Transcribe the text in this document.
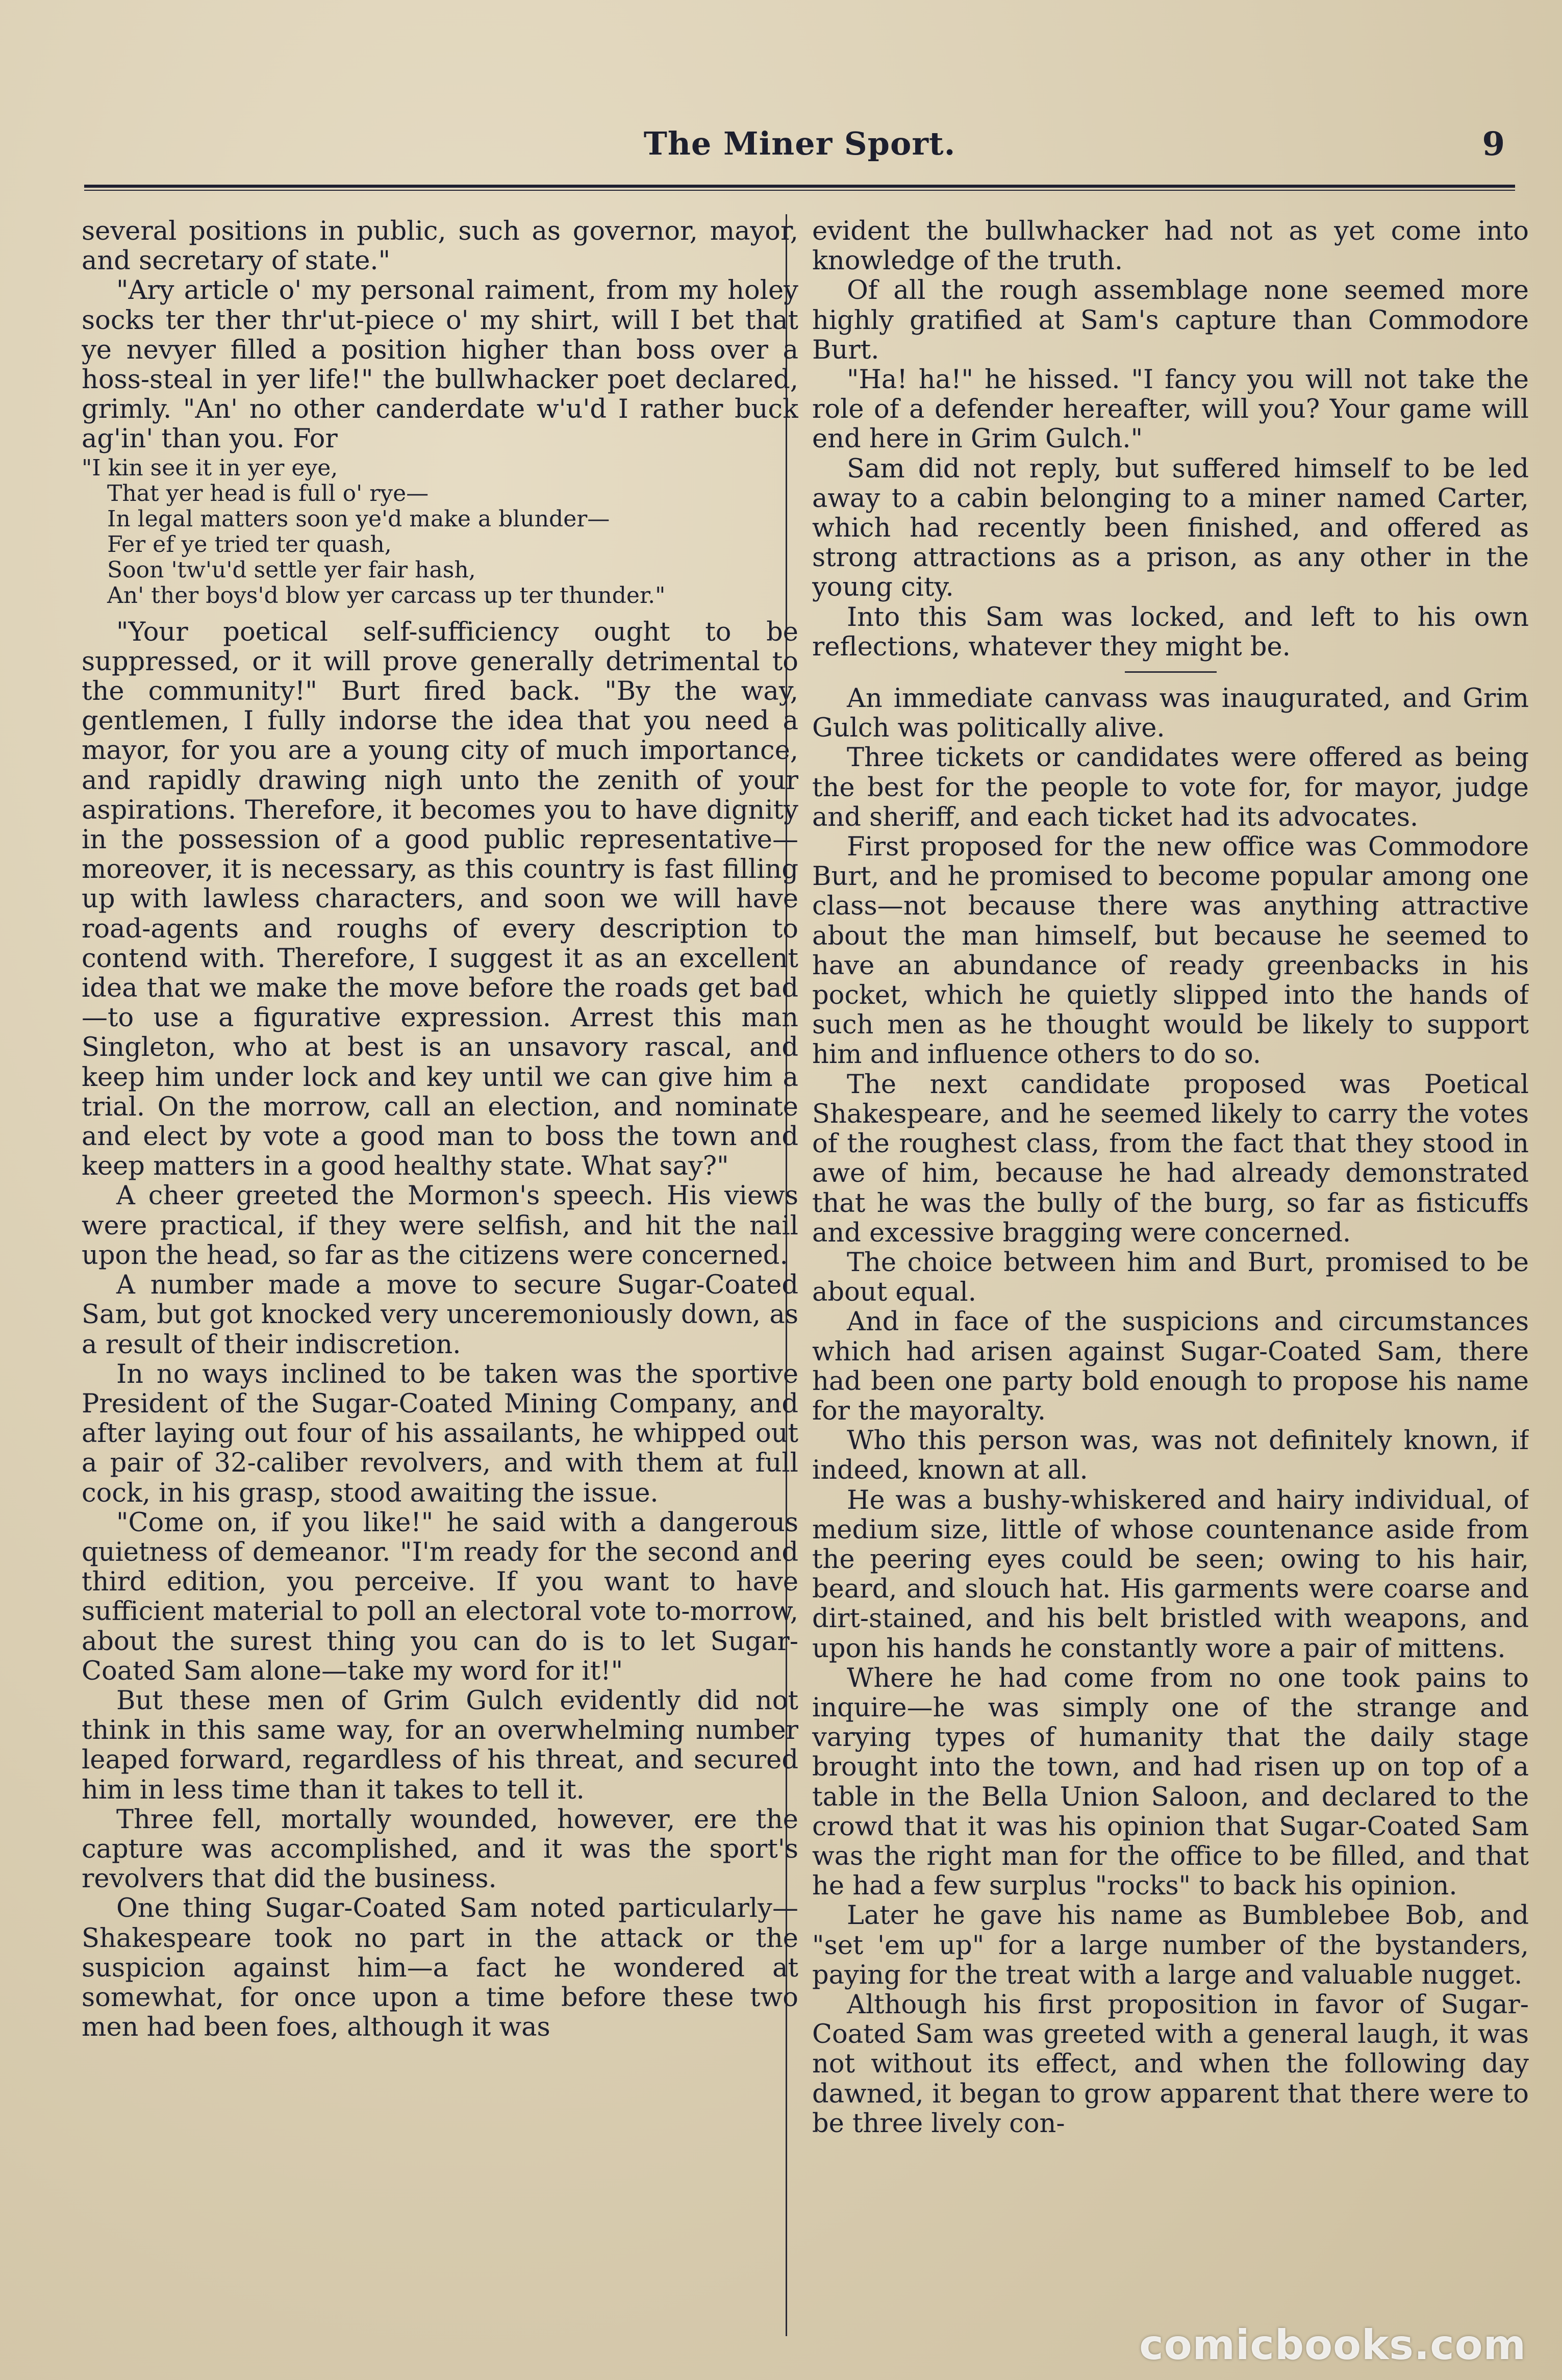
The Miner Sport.	9

several positions in public, such as governor, mayor, and secretary of state."

"Ary article o' my personal raiment, from my holey socks ter ther thr'ut-piece o' my shirt, will I bet that ye nevyer filled a position higher than boss over a hoss-steal in yer life!" the bullwhacker poet declared, grimly. "An' no other canderdate w'u'd I rather buck ag'in' than you. For

"I kin see it in yer eye,
That yer head is full o' rye—
In legal matters soon ye'd make a blunder—
Fer ef ye tried ter quash,
Soon 'tw'u'd settle yer fair hash,
An' ther boys'd blow yer carcass up ter thunder."

"Your poetical self-sufficiency ought to be suppressed, or it will prove generally detrimental to the community!" Burt fired back. "By the way, gentlemen, I fully indorse the idea that you need a mayor, for you are a young city of much importance, and rapidly drawing nigh unto the zenith of your aspirations. Therefore, it becomes you to have dignity in the possession of a good public representative—moreover, it is necessary, as this country is fast filling up with lawless characters, and soon we will have road-agents and roughs of every description to contend with. Therefore, I suggest it as an excellent idea that we make the move before the roads get bad—to use a figurative expression. Arrest this man Singleton, who at best is an unsavory rascal, and keep him under lock and key until we can give him a trial. On the morrow, call an election, and nominate and elect by vote a good man to boss the town and keep matters in a good healthy state. What say?"

A cheer greeted the Mormon's speech. His views were practical, if they were selfish, and hit the nail upon the head, so far as the citizens were concerned.

A number made a move to secure Sugar-Coated Sam, but got knocked very unceremoniously down, as a result of their indiscretion.

In no ways inclined to be taken was the sportive President of the Sugar-Coated Mining Company, and after laying out four of his assailants, he whipped out a pair of 32-caliber revolvers, and with them at full cock, in his grasp, stood awaiting the issue.

"Come on, if you like!" he said with a dangerous quietness of demeanor. "I'm ready for the second and third edition, you perceive. If you want to have sufficient material to poll an electoral vote to-morrow, about the surest thing you can do is to let Sugar-Coated Sam alone—take my word for it!"

But these men of Grim Gulch evidently did not think in this same way, for an overwhelming number leaped forward, regardless of his threat, and secured him in less time than it takes to tell it.

Three fell, mortally wounded, however, ere the capture was accomplished, and it was the sport's revolvers that did the business.

One thing Sugar-Coated Sam noted particularly—Shakespeare took no part in the attack or the suspicion against him—a fact he wondered at somewhat, for once upon a time before these two men had been foes, although it was

evident the bullwhacker had not as yet come into knowledge of the truth.

Of all the rough assemblage none seemed more highly gratified at Sam's capture than Commodore Burt.

"Ha! ha!" he hissed. "I fancy you will not take the role of a defender hereafter, will you? Your game will end here in Grim Gulch."

Sam did not reply, but suffered himself to be led away to a cabin belonging to a miner named Carter, which had recently been finished, and offered as strong attractions as a prison, as any other in the young city.

Into this Sam was locked, and left to his own reflections, whatever they might be.

An immediate canvass was inaugurated, and Grim Gulch was politically alive.

Three tickets or candidates were offered as being the best for the people to vote for, for mayor, judge and sheriff, and each ticket had its advocates.

First proposed for the new office was Commodore Burt, and he promised to become popular among one class—not because there was anything attractive about the man himself, but because he seemed to have an abundance of ready greenbacks in his pocket, which he quietly slipped into the hands of such men as he thought would be likely to support him and influence others to do so.

The next candidate proposed was Poetical Shakespeare, and he seemed likely to carry the votes of the roughest class, from the fact that they stood in awe of him, because he had already demonstrated that he was the bully of the burg, so far as fisticuffs and excessive bragging were concerned.

The choice between him and Burt, promised to be about equal.

And in face of the suspicions and circumstances which had arisen against Sugar-Coated Sam, there had been one party bold enough to propose his name for the mayoralty.

Who this person was, was not definitely known, if indeed, known at all.

He was a bushy-whiskered and hairy individual, of medium size, little of whose countenance aside from the peering eyes could be seen; owing to his hair, beard, and slouch hat. His garments were coarse and dirt-stained, and his belt bristled with weapons, and upon his hands he constantly wore a pair of mittens.

Where he had come from no one took pains to inquire—he was simply one of the strange and varying types of humanity that the daily stage brought into the town, and had risen up on top of a table in the Bella Union Saloon, and declared to the crowd that it was his opinion that Sugar-Coated Sam was the right man for the office to be filled, and that he had a few surplus "rocks" to back his opinion.

Later he gave his name as Bumblebee Bob, and "set 'em up" for a large number of the bystanders, paying for the treat with a large and valuable nugget.

Although his first proposition in favor of Sugar-Coated Sam was greeted with a general laugh, it was not without its effect, and when the following day dawned, it began to grow apparent that there were to be three lively con-

comicbooks.com
